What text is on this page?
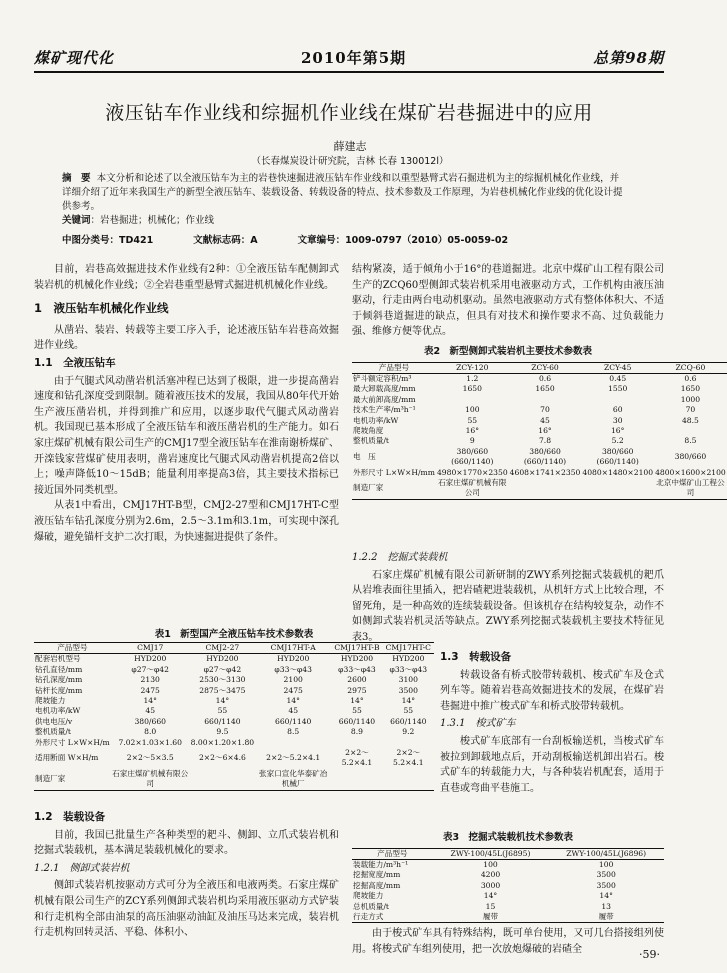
煤矿现代化	2010年第5期	总第98期
液压钻车作业线和综掘机作业线在煤矿岩巷掘进中的应用
薛建志
（长春煤炭设计研究院，吉林 长春 130012l）
摘　要 本文分析和论述了以全液压钻车为主的岩巷快速掘进液压钻车作业线和以重型悬臂式岩石掘进机为主的综掘机械化作业线，并详细介绍了近年来我国生产的新型全液压钻车、装载设备、转载设备的特点、技术参数及工作原理，为岩巷机械化作业线的优化设计提供参考。
关键词：岩巷掘进；机械化；作业线
中图分类号：TD421	文献标志码：A	文章编号：1009-0797（2010）05-0059-02

目前，岩巷高效掘进技术作业线有2种：①全液压钻车配侧卸式装岩机的机械化作业线；②全岩巷重型悬臂式掘进机机械化作业线。

1　液压钻车机械化作业线

从凿岩、装岩、转载等主要工序入手，论述液压钻车岩巷高效掘进作业线。

1.1　全液压钻车

由于气腿式风动凿岩机活塞冲程已达到了极限，进一步提高凿岩速度和钻孔深度受到限制。随着液压技术的发展，我国从80年代开始生产液压凿岩机，并得到推广和应用，以逐步取代气腿式风动凿岩机。我国现已基本形成了全液压钻车和液压凿岩机的生产能力。如石家庄煤矿机械有限公司生产的CMJ17型全液压钻车在淮南谢桥煤矿、开滦钱家营煤矿使用表明，凿岩速度比气腿式风动凿岩机提高2倍以上；噪声降低10～15dB；能量利用率提高3倍，其主要技术指标已接近国外同类机型。

从表1中看出，CMJ17HT-B型，CMJ2-27型和CMJ17HT-C型液压钻车钻孔深度分别为2.6m，2.5～3.1m和3.1m，可实现中深孔爆破，避免锚杆支护二次打眼，为快速掘进提供了条件。

表1　新型国产全液压钻车技术参数表
产品型号	CMJ17	CMJ2-27	CMJ17HT-A	CMJ17HT-B	CMJ17HT-C
配套岩机型号	HYD200	HYD200	HYD200	HYD200	HYD200
钻孔直径/mm	φ27～φ42	φ27～φ42	φ33～φ43	φ33～φ43	φ33～φ43
钻孔深度/mm	2130	2530～3130	2100	2600	3100
钻杆长度/mm	2475	2875～3475	2475	2975	3500
爬坡能力	14°	14°	14°	14°	14°
电机功率/kW	45	55	45	55	55
供电电压/v	380/660	660/1140	660/1140	660/1140	660/1140
整机质量/t	8.0	9.5	8.5	8.9	9.2
外形尺寸 L×W×H/m	7.02×1.03×1.60	8.00×1.20×1.80			
适用断面 W×H/m	2×2～5×3.5	2×2～6×4.6	2×2～5.2×4.1	2×2～5.2×4.1	2×2～5.2×4.1
制造厂家	石家庄煤矿机械有限公司		张家口宣化华泰矿冶机械厂		
1.2　装载设备

目前，我国已批量生产各种类型的耙斗、侧卸、立爪式装岩机和挖掘式装载机，基本满足装载机械化的要求。

1.2.1　侧卸式装岩机

侧卸式装岩机按驱动方式可分为全液压和电液两类。石家庄煤矿机械有限公司生产的ZCY系列侧卸式装岩机均采用液压驱动方式铲装和行走机构全部由油泵的高压油驱动油缸及油压马达来完成，装岩机行走机构回转灵活、平稳、体积小、

结构紧凑，适于倾角小于16°的巷道掘进。北京中煤矿山工程有限公司生产的ZCQ60型侧卸式装岩机采用电液驱动方式，工作机构由液压油驱动，行走由两台电动机驱动。虽然电液驱动方式有整体体积大、不适于倾斜巷道掘进的缺点，但具有对技术和操作要求不高、过负载能力强、维修方便等优点。

表2　新型侧卸式装岩机主要技术参数表
产品型号	ZCY-120	ZCY-60	ZCY-45	ZCQ-60
铲斗额定容积/m³	1.2	0.6	0.45	0.6
最大卸载高度/mm	1650	1650	1550	1650
最大前卸高度/mm				1000
技术生产率/m³h⁻¹	100	70	60	70
电机功率/kW	55	45	30	48.5
爬坡角度	16°	16°	16°	
整机质量/t	9	7.8	5.2	8.5
电　压	380/660 (660/1140)	380/660 (660/1140)	380/660 (660/1140)	380/660
外形尺寸 L×W×H/mm	4980×1770×2350	4608×1741×2350	4080×1480×2100	4800×1600×2100
制造厂家	石家庄煤矿机械有限公司			北京中煤矿山工程公司
1.2.2　挖掘式装载机

石家庄煤矿机械有限公司新研制的ZWY系列挖掘式装载机的耙爪从岩堆表面往里插入，把岩碴耙进装载机，从机轩方式上比较合理，不留死角，是一种高效的连续装载设备。但该机存在结构较复杂，动作不如侧卸式装岩机灵活等缺点。ZWY系列挖掘式装载机主要技术特征见表3。

1.3　转载设备

转载设备有桥式胶带转载机、梭式矿车及仓式列车等。随着岩巷高效掘进技术的发展，在煤矿岩巷掘进中推广梭式矿车和桥式胶带转载机。

1.3.1　梭式矿车

梭式矿车底部有一台刮板输送机，当梭式矿车被拉到卸载地点后，开动刮板输送机卸出岩石。梭式矿车的转载能力大，与各种装岩机配套，适用于直巷或弯曲平巷施工。

表3　挖掘式装载机技术参数表
产品型号	ZWY-100/45L(J6895)	ZWY-100/45L(J6896)
装载能力/m³h⁻¹	100	100
挖掘宽度/mm	4200	3500
挖掘高度/mm	3000	3500
爬坡能力	14°	14°
总机质量/t	15	13
行走方式	履带	履带

由于梭式矿车具有特殊结构，既可单台使用，又可几台搭接组列使用。将梭式矿车组列使用，把一次放炮爆破的岩碴全	·59·
